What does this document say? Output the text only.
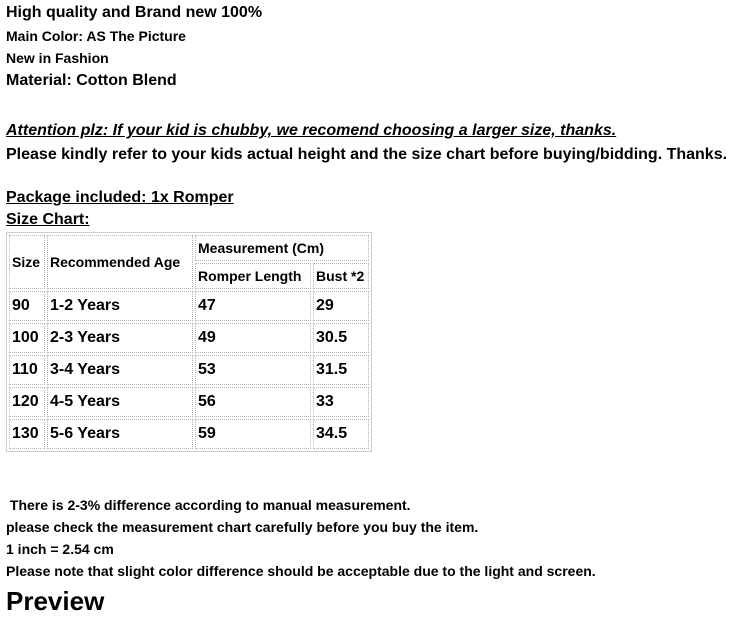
High quality and Brand new 100%
Main Color: AS The Picture
New in Fashion
Material: Cotton Blend
Attention plz: If your kid is chubby, we recomend choosing a larger size, thanks.
Please kindly refer to your kids actual height and the size chart before buying/bidding. Thanks.
Package included: 1x Romper
Size Chart:
Size	Recommended Age	Measurement (Cm)	
		Romper Length	Bust *2
90	1-2 Years	47	29
100	2-3 Years	49	30.5
110	3-4 Years	53	31.5
120	4-5 Years	56	33
130	5-6 Years	59	34.5
There is 2-3% difference according to manual measurement.
please check the measurement chart carefully before you buy the item.
1 inch = 2.54 cm
Please note that slight color difference should be acceptable due to the light and screen.
Preview
